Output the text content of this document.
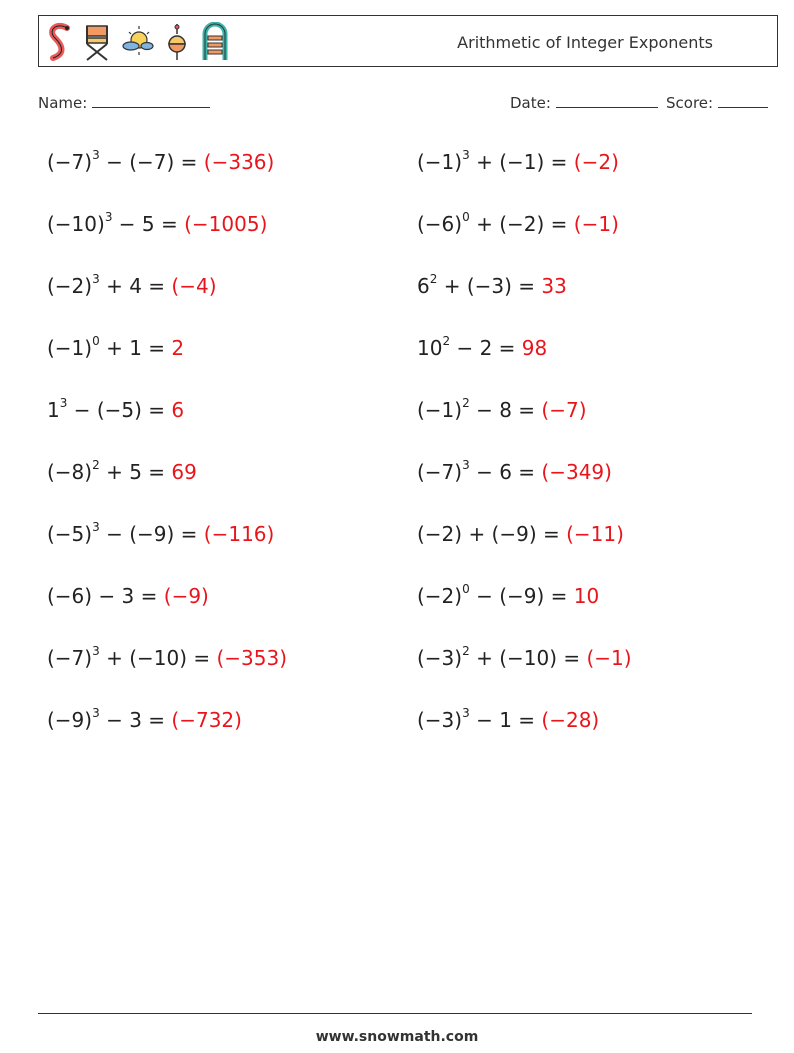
Arithmetic of Integer Exponents
Name:	Date:	Score:
$(-7)^3 - (-7) = (-336)$
$(-10)^3 - 5 = (-1005)$
$(-2)^3 + 4 = (-4)$
$(-1)^0 + 1 = 2$
$1^3 - (-5) = 6$
$(-8)^2 + 5 = 69$
$(-5)^3 - (-9) = (-116)$
(−6) − 3 = (−9)
$(-7)^3 + (-10) = (-353)$
$(-9)^3 - 3 = (-732)$
$(-1)^3 + (-1) = (-2)$
$(-6)^0 + (-2) = (-1)$
$6^2 + (-3) = 33$
$10^2 - 2 = 98$
$(-1)^2 - 8 = (-7)$
$(-7)^3 - 6 = (-349)$
(−2) + (−9) = (−11)
$(-2)^0 - (-9) = 10$
$(-3)^2 + (-10) = (-1)$
$(-3)^3 - 1 = (-28)$
www.snowmath.com
